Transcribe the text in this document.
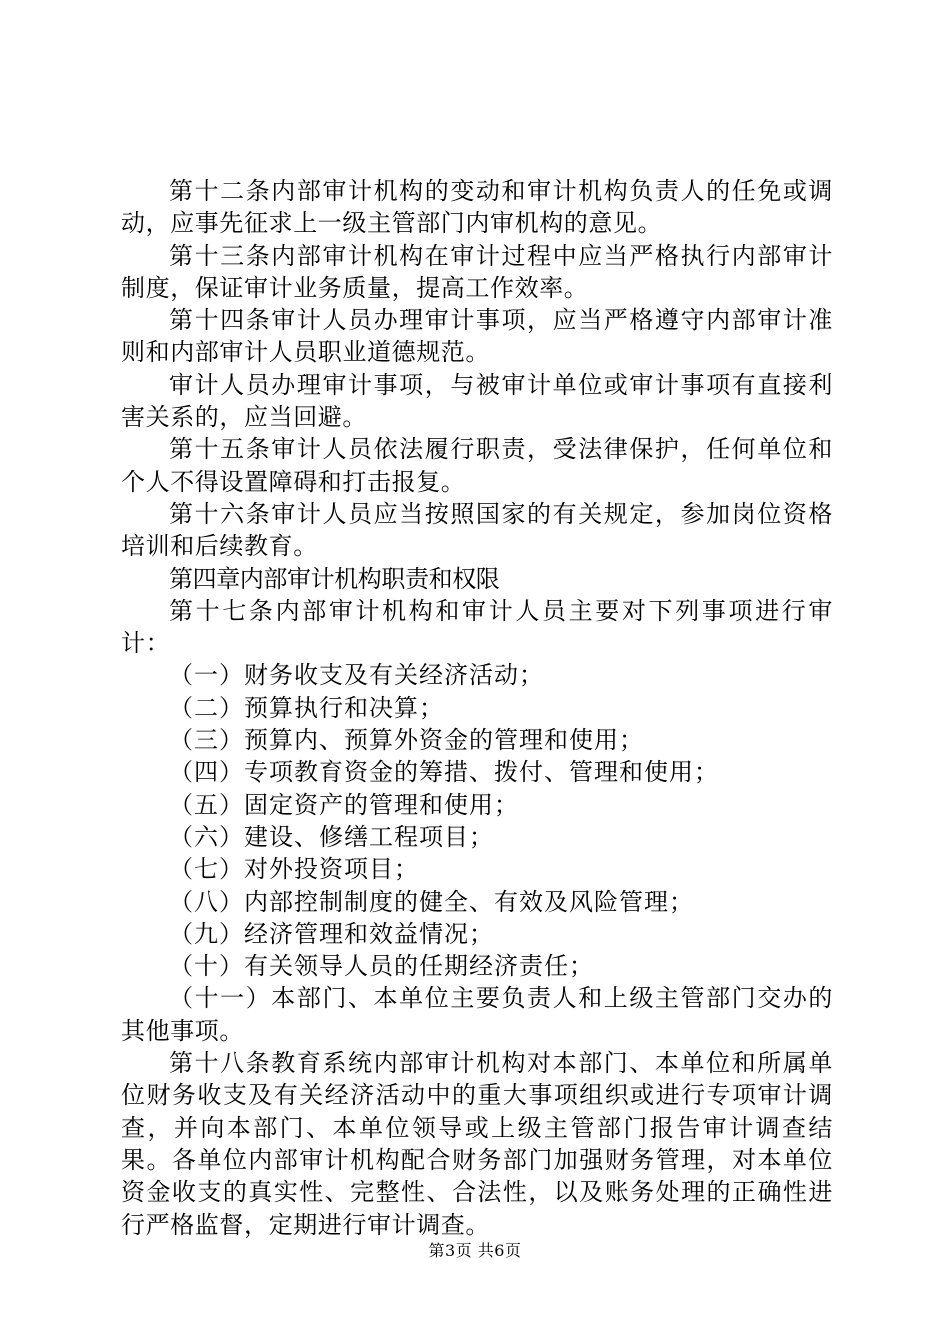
第十二条内部审计机构的变动和审计机构负责人的任免或调动，应事先征求上一级主管部门内审机构的意见。

第十三条内部审计机构在审计过程中应当严格执行内部审计制度，保证审计业务质量，提高工作效率。

第十四条审计人员办理审计事项，应当严格遵守内部审计准则和内部审计人员职业道德规范。

审计人员办理审计事项，与被审计单位或审计事项有直接利害关系的，应当回避。

第十五条审计人员依法履行职责，受法律保护，任何单位和个人不得设置障碍和打击报复。

第十六条审计人员应当按照国家的有关规定，参加岗位资格培训和后续教育。

第四章内部审计机构职责和权限

第十七条内部审计机构和审计人员主要对下列事项进行审计：

（一）财务收支及有关经济活动；

（二）预算执行和决算；

（三）预算内、预算外资金的管理和使用；

（四）专项教育资金的筹措、拨付、管理和使用；

（五）固定资产的管理和使用；

（六）建设、修缮工程项目；

（七）对外投资项目；

（八）内部控制制度的健全、有效及风险管理；

（九）经济管理和效益情况；

（十）有关领导人员的任期经济责任；

（十一）本部门、本单位主要负责人和上级主管部门交办的其他事项。

第十八条教育系统内部审计机构对本部门、本单位和所属单位财务收支及有关经济活动中的重大事项组织或进行专项审计调查，并向本部门、本单位领导或上级主管部门报告审计调查结果。各单位内部审计机构配合财务部门加强财务管理，对本单位资金收支的真实性、完整性、合法性，以及账务处理的正确性进行严格监督，定期进行审计调查。

第3页 共6页
